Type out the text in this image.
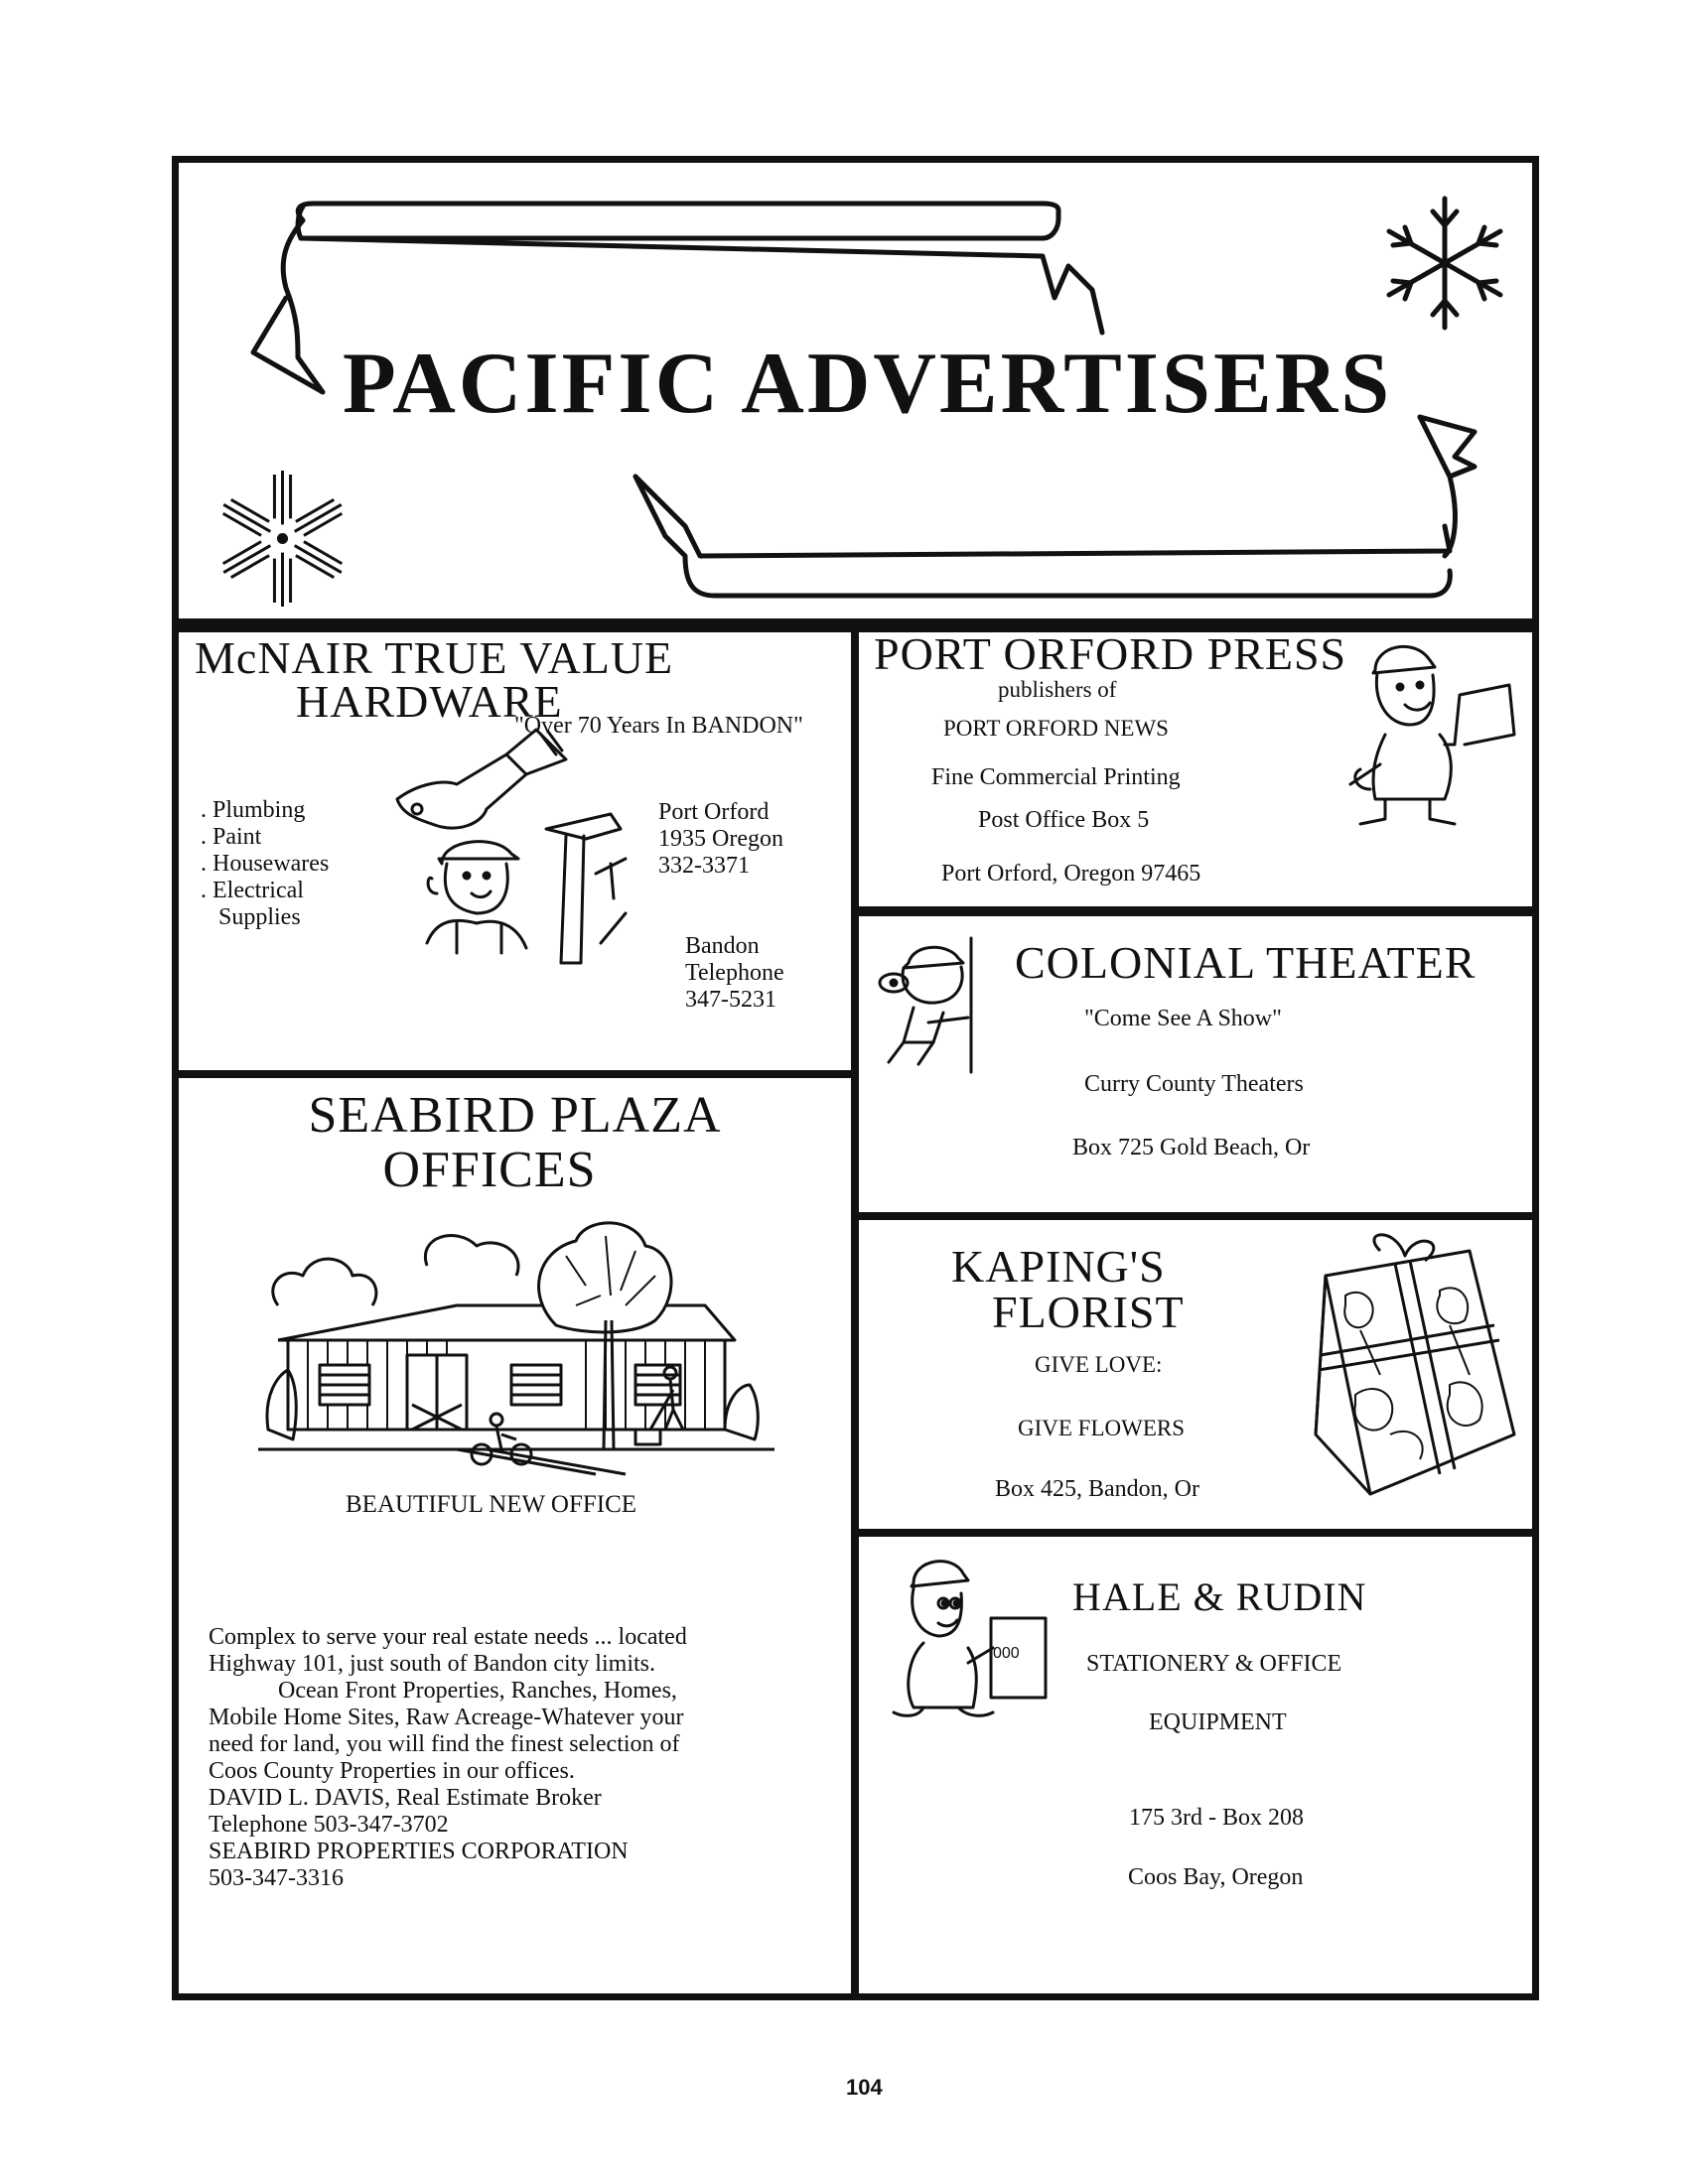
PACIFIC ADVERTISERS
McNAIR TRUE VALUE
HARDWARE
"Over 70 Years In BANDON"
. Plumbing
. Paint
. Housewares
. Electrical
Supplies
Port Orford
1935 Oregon
332-3371
Bandon
Telephone
347-5231
PORT ORFORD PRESS
publishers of
PORT ORFORD NEWS
Fine Commercial Printing
Post Office Box 5
Port Orford, Oregon 97465
COLONIAL THEATER
"Come See A Show"
Curry County Theaters
Box 725 Gold Beach, Or
SEABIRD PLAZA
OFFICES
BEAUTIFUL NEW OFFICE
Complex to serve your real estate needs ... located
Highway 101, just south of Bandon city limits.
Ocean Front Properties, Ranches, Homes,
Mobile Home Sites, Raw Acreage-Whatever your
need for land, you will find the finest selection of
Coos County Properties in our offices.
DAVID L. DAVIS, Real Estimate Broker
Telephone 503-347-3702
SEABIRD PROPERTIES CORPORATION
503-347-3316
KAPING'S
FLORIST
GIVE LOVE:
GIVE FLOWERS
Box 425, Bandon, Or
HALE & RUDIN
STATIONERY & OFFICE
EQUIPMENT
175 3rd - Box 208
Coos Bay, Oregon
000
104
